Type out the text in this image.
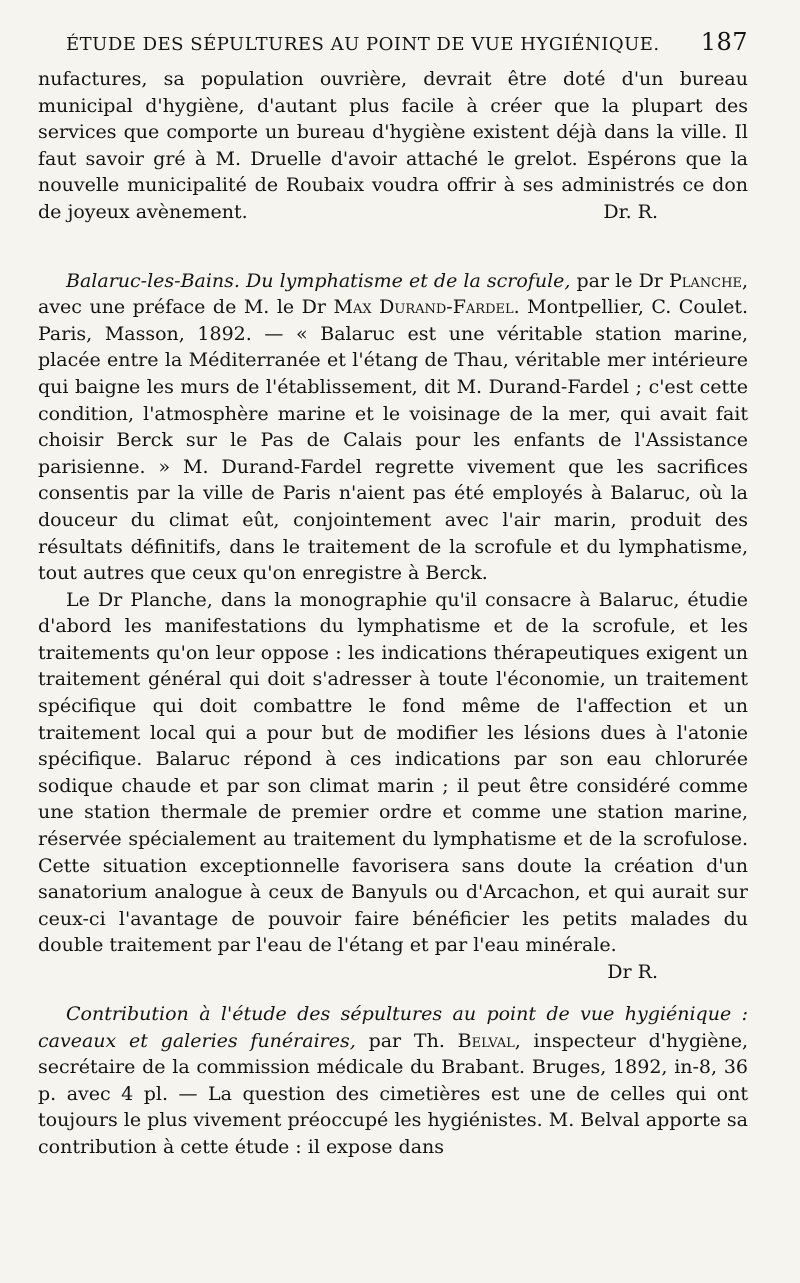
ÉTUDE DES SÉPULTURES AU POINT DE VUE HYGIÉNIQUE. 187

nufactures, sa population ouvrière, devrait être doté d'un bureau municipal d'hygiène, d'autant plus facile à créer que la plupart des services que comporte un bureau d'hygiène existent déjà dans la ville. Il faut savoir gré à M. Druelle d'avoir attaché le grelot. Espérons que la nouvelle municipalité de Roubaix voudra offrir à ses administrés ce don de joyeux avènement.	Dr. R.

Balaruc-les-Bains. Du lymphatisme et de la scrofule, par le Dr Planche, avec une préface de M. le Dr Max Durand-Fardel. Montpellier, C. Coulet. Paris, Masson, 1892. — « Balaruc est une véritable station marine, placée entre la Méditerranée et l'étang de Thau, véritable mer intérieure qui baigne les murs de l'établissement, dit M. Durand-Fardel ; c'est cette condition, l'atmosphère marine et le voisinage de la mer, qui avait fait choisir Berck sur le Pas de Calais pour les enfants de l'Assistance parisienne. » M. Durand-Fardel regrette vivement que les sacrifices consentis par la ville de Paris n'aient pas été employés à Balaruc, où la douceur du climat eût, conjointement avec l'air marin, produit des résultats définitifs, dans le traitement de la scrofule et du lymphatisme, tout autres que ceux qu'on enregistre à Berck.

Le Dr Planche, dans la monographie qu'il consacre à Balaruc, étudie d'abord les manifestations du lymphatisme et de la scrofule, et les traitements qu'on leur oppose : les indications thérapeutiques exigent un traitement général qui doit s'adresser à toute l'économie, un traitement spécifique qui doit combattre le fond même de l'affection et un traitement local qui a pour but de modifier les lésions dues à l'atonie spécifique. Balaruc répond à ces indications par son eau chlorurée sodique chaude et par son climat marin ; il peut être considéré comme une station thermale de premier ordre et comme une station marine, réservée spécialement au traitement du lymphatisme et de la scrofulose. Cette situation exceptionnelle favorisera sans doute la création d'un sanatorium analogue à ceux de Banyuls ou d'Arcachon, et qui aurait sur ceux-ci l'avantage de pouvoir faire bénéficier les petits malades du double traitement par l'eau de l'étang et par l'eau minérale.
Dr R.

Contribution à l'étude des sépultures au point de vue hygiénique : caveaux et galeries funéraires, par Th. Belval, inspecteur d'hygiène, secrétaire de la commission médicale du Brabant. Bruges, 1892, in-8, 36 p. avec 4 pl. — La question des cimetières est une de celles qui ont toujours le plus vivement préoccupé les hygiénistes. M. Belval apporte sa contribution à cette étude : il expose dans
